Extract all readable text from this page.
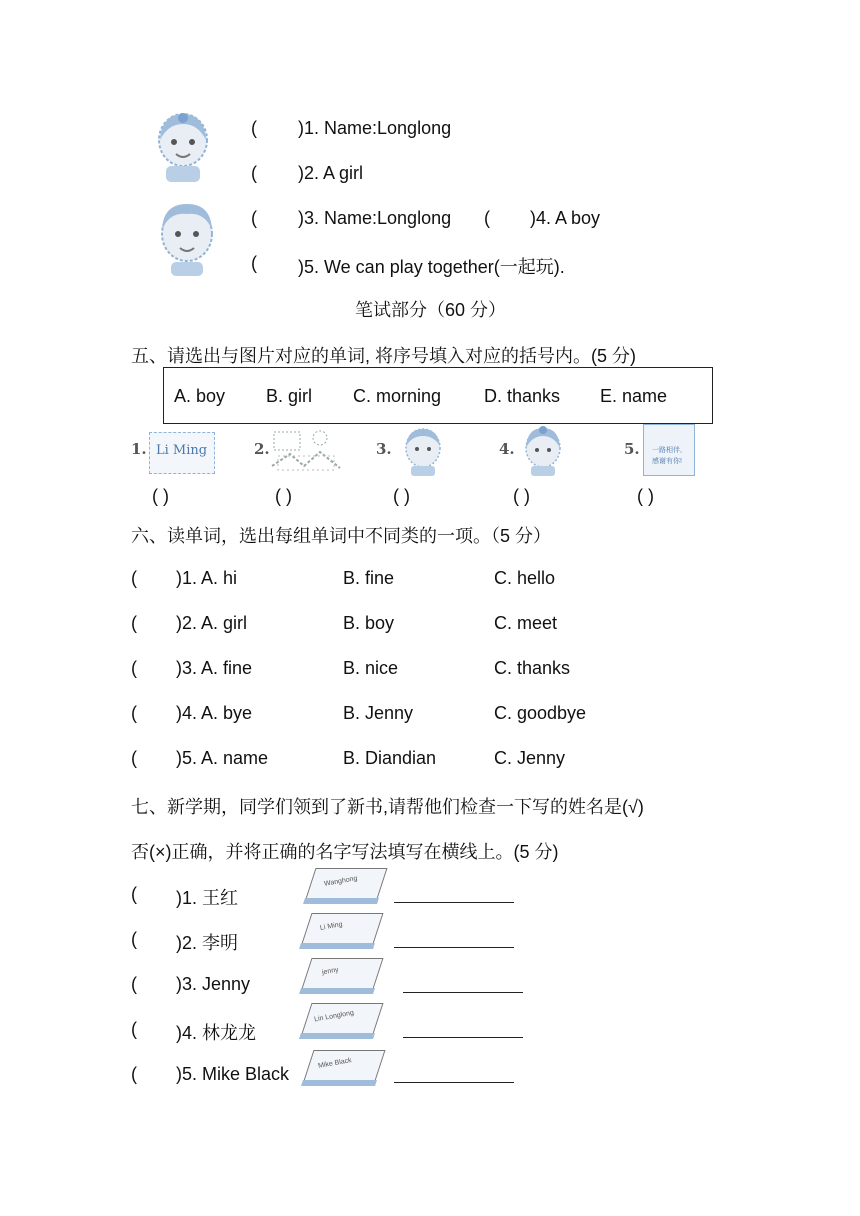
( )1. Name:Longlong
( )2. A girl
( )3. Name:Longlong ( )4. A boy
( )5. We can play together(一起玩).
笔试部分（60 分）
五、请选出与图片对应的单词, 将序号填入对应的括号内。(5 分)
A. boy B. girl C. morning D. thanks E. name
1. Li Ming	2.	3.	4.	5. 一路相伴,
感谢有你!
( )	( )	( )	( )	( )
六、读单词，选出每组单词中不同类的一项。（5 分）
( )1. A. hi	B. fine	C. hello
( )2. A. girl	B. boy	C. meet
( )3. A. fine	B. nice	C. thanks
( )4. A. bye	B. Jenny	C. goodbye
( )5. A. name	B. Diandian	C. Jenny
七、新学期，同学们领到了新书,请帮他们检查一下写的姓名是(√)
否(×)正确，并将正确的名字写法填写在横线上。(5 分)
( )1. 王红
Wanghong
( )2. 李明
Li Ming
( )3. Jenny
jenny
( )4. 林龙龙
Lin Longlong
( )5. Mike Black
Mike Black
